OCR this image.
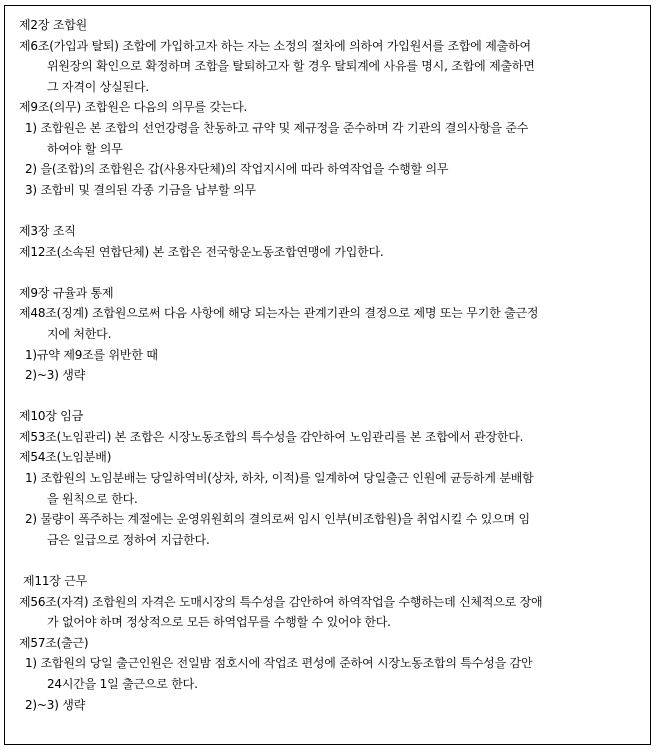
제2장 조합원
제6조(가입과 탈퇴) 조합에 가입하고자 하는 자는 소정의 절차에 의하여 가입원서를 조합에 제출하여
위원장의 확인으로 확정하며 조합을 탈퇴하고자 할 경우 탈퇴계에 사유를 명시, 조합에 제출하면
그 자격이 상실된다.
제9조(의무) 조합원은 다음의 의무를 갖는다.
1) 조합원은 본 조합의 선언강령을 찬동하고 규약 및 제규정을 준수하며 각 기관의 결의사항을 준수
하여야 할 의무
2) 을(조합)의 조합원은 갑(사용자단체)의 작업지시에 따라 하역작업을 수행할 의무
3) 조합비 및 결의된 각종 기금을 납부할 의무
제3장 조직
제12조(소속된 연합단체) 본 조합은 전국항운노동조합연맹에 가입한다.
제9장 규율과 통제
제48조(징계) 조합원으로써 다음 사항에 해당 되는자는 관계기관의 결정으로 제명 또는 무기한 출근정
지에 처한다.
1)규약 제9조를 위반한 때
2)~3) 생략
제10장 임금
제53조(노임관리) 본 조합은 시장노동조합의 특수성을 감안하여 노임관리를 본 조합에서 관장한다.
제54조(노임분배)
1) 조합원의 노임분배는 당일하역비(상차, 하차, 이적)를 일계하여 당일출근 인원에 균등하게 분배함
을 원칙으로 한다.
2) 물량이 폭주하는 계절에는 운영위원회의 결의로써 임시 인부(비조합원)을 취업시킬 수 있으며 임
금은 일급으로 정하여 지급한다.
제11장 근무
제56조(자격) 조합원의 자격은 도매시장의 특수성을 감안하여 하역작업을 수행하는데 신체적으로 장애
가 없어야 하며 정상적으로 모든 하역업무를 수행할 수 있어야 한다.
제57조(출근)
1) 조합원의 당일 출근인원은 전일밤 점호시에 작업조 편성에 준하여 시장노동조합의 특수성을 감안
24시간을 1일 출근으로 한다.
2)~3) 생략
